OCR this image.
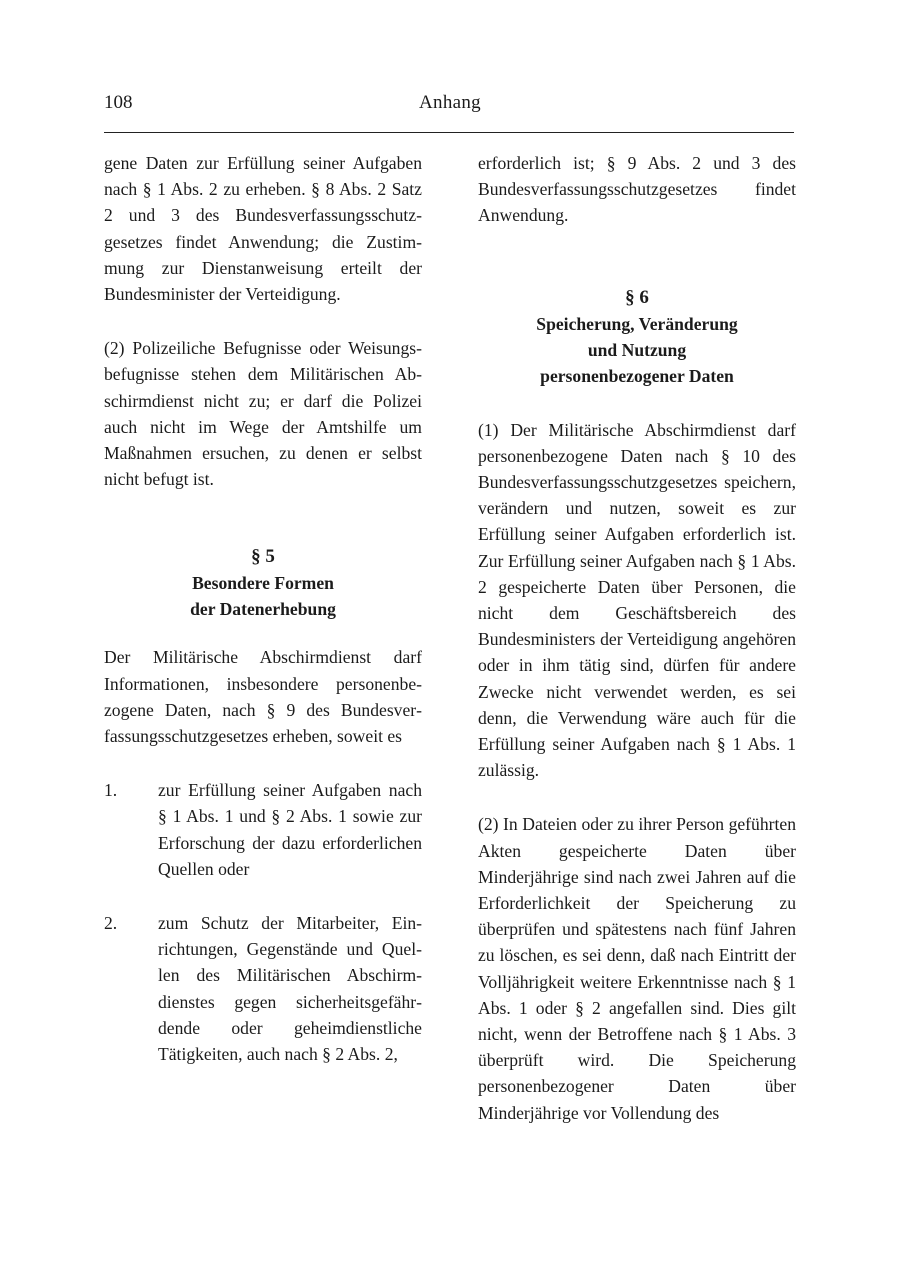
108	Anhang

gene Daten zur Erfüllung seiner Aufgaben nach § 1 Abs. 2 zu erheben. § 8 Abs. 2 Satz 2 und 3 des Bundesverfassungsschutzgesetzes findet Anwendung; die Zustimmung zur Dienstanweisung erteilt der Bundesminister der Verteidigung.

(2) Polizeiliche Befugnisse oder Weisungsbefugnisse stehen dem Militärischen Abschirmdienst nicht zu; er darf die Polizei auch nicht im Wege der Amtshilfe um Maßnahmen ersuchen, zu denen er selbst nicht befugt ist.

§ 5
Besondere Formen
der Datenerhebung

Der Militärische Abschirmdienst darf Informationen, insbesondere personenbezogene Daten, nach § 9 des Bundesverfassungsschutzgesetzes erheben, soweit es

1. zur Erfüllung seiner Aufgaben nach § 1 Abs. 1 und § 2 Abs. 1 sowie zur Erforschung der dazu erforderlichen Quellen oder
2. zum Schutz der Mitarbeiter, Einrichtungen, Gegenstände und Quellen des Militärischen Abschirmdienstes gegen sicherheitsgefährdende oder geheimdienstliche Tätigkeiten, auch nach § 2 Abs. 2,

erforderlich ist; § 9 Abs. 2 und 3 des Bundesverfassungsschutzgesetzes findet Anwendung.

§ 6
Speicherung, Veränderung
und Nutzung
personenbezogener Daten

(1) Der Militärische Abschirmdienst darf personenbezogene Daten nach § 10 des Bundesverfassungsschutzgesetzes speichern, verändern und nutzen, soweit es zur Erfüllung seiner Aufgaben erforderlich ist. Zur Erfüllung seiner Aufgaben nach § 1 Abs. 2 gespeicherte Daten über Personen, die nicht dem Geschäftsbereich des Bundesministers der Verteidigung angehören oder in ihm tätig sind, dürfen für andere Zwecke nicht verwendet werden, es sei denn, die Verwendung wäre auch für die Erfüllung seiner Aufgaben nach § 1 Abs. 1 zulässig.

(2) In Dateien oder zu ihrer Person geführten Akten gespeicherte Daten über Minderjährige sind nach zwei Jahren auf die Erforderlichkeit der Speicherung zu überprüfen und spätestens nach fünf Jahren zu löschen, es sei denn, daß nach Eintritt der Volljährigkeit weitere Erkenntnisse nach § 1 Abs. 1 oder § 2 angefallen sind. Dies gilt nicht, wenn der Betroffene nach § 1 Abs. 3 überprüft wird. Die Speicherung personenbezogener Daten über Minderjährige vor Vollendung des
